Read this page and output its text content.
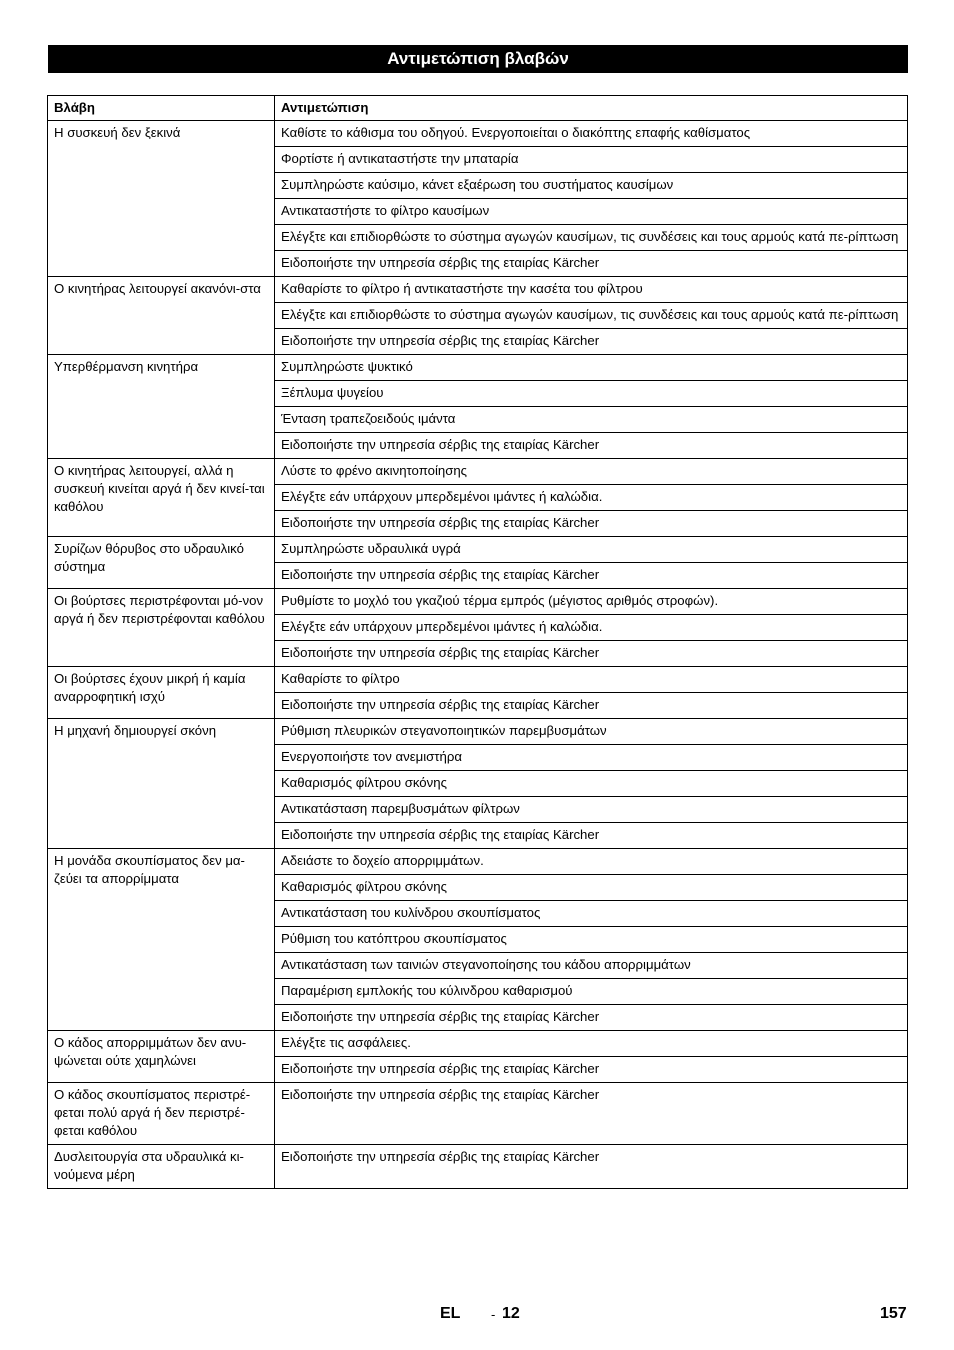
Αντιμετώπιση βλαβών
Βλάβη	Αντιμετώπιση
Η συσκευή δεν ξεκινά	Καθίστε το κάθισμα του οδηγού. Ενεργοποιείται ο διακόπτης επαφής καθίσματος
	Φορτίστε ή αντικαταστήστε την μπαταρία
	Συμπληρώστε καύσιμο, κάνετ εξαέρωση του συστήματος καυσίμων
	Αντικαταστήστε το φίλτρο καυσίμων
	Ελέγξτε και επιδιορθώστε το σύστημα αγωγών καυσίμων, τις συνδέσεις και τους αρμούς κατά πε-ρίπτωση
	Ειδοποιήστε την υπηρεσία σέρβις της εταιρίας Kärcher
Ο κινητήρας λειτουργεί ακανόνι-στα	Καθαρίστε το φίλτρο ή αντικαταστήστε την κασέτα του φίλτρου
	Ελέγξτε και επιδιορθώστε το σύστημα αγωγών καυσίμων, τις συνδέσεις και τους αρμούς κατά πε-ρίπτωση
	Ειδοποιήστε την υπηρεσία σέρβις της εταιρίας Kärcher
Υπερθέρμανση κινητήρα	Συμπληρώστε ψυκτικό
	Ξέπλυμα ψυγείου
	Ένταση τραπεζοειδούς ιμάντα
	Ειδοποιήστε την υπηρεσία σέρβις της εταιρίας Kärcher
Ο κινητήρας λειτουργεί, αλλά η συσκευή κινείται αργά ή δεν κινεί-ται καθόλου	Λύστε το φρένο ακινητοποίησης
	Ελέγξτε εάν υπάρχουν μπερδεμένοι ιμάντες ή καλώδια.
	Ειδοποιήστε την υπηρεσία σέρβις της εταιρίας Kärcher
Συρίζων θόρυβος στο υδραυλικό σύστημα	Συμπληρώστε υδραυλικά υγρά
	Ειδοποιήστε την υπηρεσία σέρβις της εταιρίας Kärcher
Οι βούρτσες περιστρέφονται μό-νον αργά ή δεν περιστρέφονται καθόλου	Ρυθμίστε το μοχλό του γκαζιού τέρμα εμπρός (μέγιστος αριθμός στροφών).
	Ελέγξτε εάν υπάρχουν μπερδεμένοι ιμάντες ή καλώδια.
	Ειδοποιήστε την υπηρεσία σέρβις της εταιρίας Kärcher
Οι βούρτσες έχουν μικρή ή καμία αναρροφητική ισχύ	Καθαρίστε το φίλτρο
	Ειδοποιήστε την υπηρεσία σέρβις της εταιρίας Kärcher
Η μηχανή δημιουργεί σκόνη	Ρύθμιση πλευρικών στεγανοποιητικών παρεμβυσμάτων
	Ενεργοποιήστε τον ανεμιστήρα
	Καθαρισμός φίλτρου σκόνης
	Αντικατάσταση παρεμβυσμάτων φίλτρων
	Ειδοποιήστε την υπηρεσία σέρβις της εταιρίας Kärcher
Η μονάδα σκουπίσματος δεν μα-ζεύει τα απορρίμματα	Αδειάστε το δοχείο απορριμμάτων.
	Καθαρισμός φίλτρου σκόνης
	Αντικατάσταση του κυλίνδρου σκουπίσματος
	Ρύθμιση του κατόπτρου σκουπίσματος
	Αντικατάσταση των ταινιών στεγανοποίησης του κάδου απορριμμάτων
	Παραμέριση εμπλοκής του κύλινδρου καθαρισμού
	Ειδοποιήστε την υπηρεσία σέρβις της εταιρίας Kärcher
Ο κάδος απορριμμάτων δεν ανυ-ψώνεται ούτε χαμηλώνει	Ελέγξτε τις ασφάλειες.
	Ειδοποιήστε την υπηρεσία σέρβις της εταιρίας Kärcher
Ο κάδος σκουπίσματος περιστρέ-φεται πολύ αργά ή δεν περιστρέ-φεται καθόλου	Ειδοποιήστε την υπηρεσία σέρβις της εταιρίας Kärcher
Δυσλειτουργία στα υδραυλικά κι-νούμενα μέρη	Ειδοποιήστε την υπηρεσία σέρβις της εταιρίας Kärcher
EL	- 12	157
